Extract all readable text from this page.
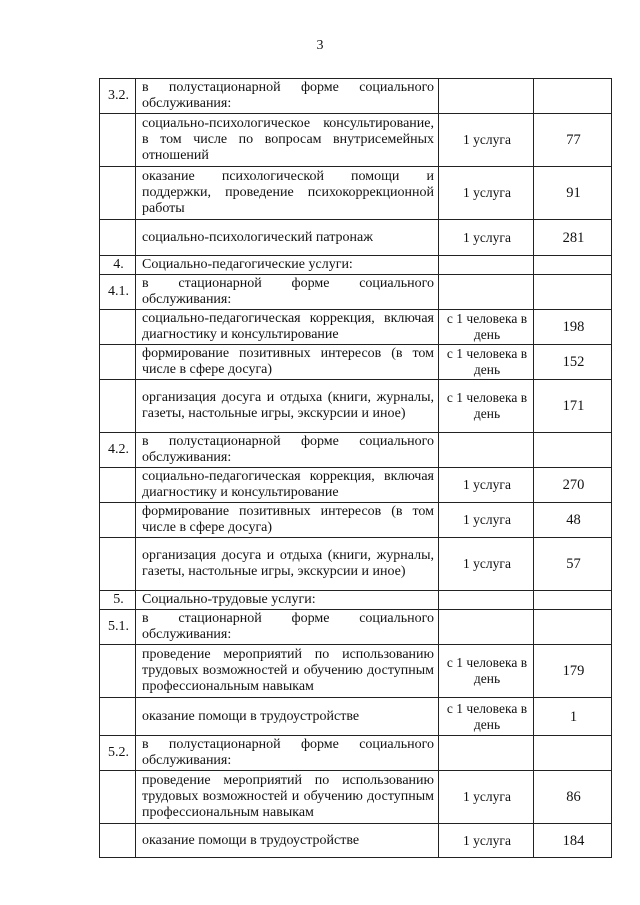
3
3.2.	в полустационарной форме социального обслуживания:		
	социально-психологическое консультирование, в том числе по вопросам внутрисемейных отношений	1 услуга	77
	оказание психологической помощи и поддержки, проведение психокоррекционной работы	1 услуга	91
	социально-психологический патронаж	1 услуга	281
4.	Социально-педагогические услуги:		
4.1.	в стационарной форме социального обслуживания:		
	социально-педагогическая коррекция, включая диагностику и консультирование	с 1 человека в день	198
	формирование позитивных интересов (в том числе в сфере досуга)	с 1 человека в день	152
	организация досуга и отдыха (книги, журналы, газеты, настольные игры, экскурсии и иное)	с 1 человека в день	171
4.2.	в полустационарной форме социального обслуживания:		
	социально-педагогическая коррекция, включая диагностику и консультирование	1 услуга	270
	формирование позитивных интересов (в том числе в сфере досуга)	1 услуга	48
	организация досуга и отдыха (книги, журналы, газеты, настольные игры, экскурсии и иное)	1 услуга	57
5.	Социально-трудовые услуги:		
5.1.	в стационарной форме социального обслуживания:		
	проведение мероприятий по использованию трудовых возможностей и обучению доступным профессиональным навыкам	с 1 человека в день	179
	оказание помощи в трудоустройстве	с 1 человека в день	1
5.2.	в полустационарной форме социального обслуживания:		
	проведение мероприятий по использованию трудовых возможностей и обучению доступным профессиональным навыкам	1 услуга	86
	оказание помощи в трудоустройстве	1 услуга	184
